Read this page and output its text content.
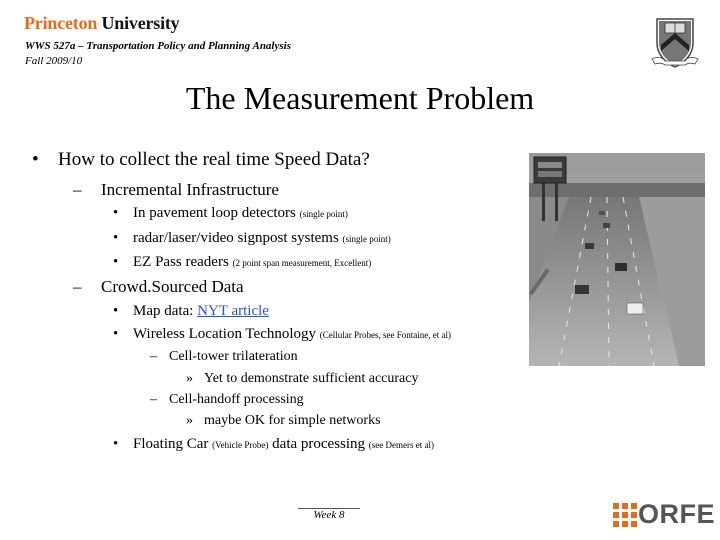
Princeton University
WWS 527a – Transportation Policy and Planning Analysis
Fall 2009/10
The Measurement Problem
• How to collect the real time Speed Data?
– Incremental Infrastructure
• In pavement loop detectors (single point)
• radar/laser/video signpost systems (single point)
• EZ Pass readers (2 point span measurement, Excellent)
– Crowd.Sourced Data
• Map data: NYT article
• Wireless Location Technology (Cellular Probes, see Fontaine, et al)
– Cell-tower trilateration
» Yet to demonstrate sufficient accuracy
– Cell-handoff processing
» maybe OK for simple networks
• Floating Car (Vehicle Probe) data processing (see Demers et al)
Week 8	ORFE
